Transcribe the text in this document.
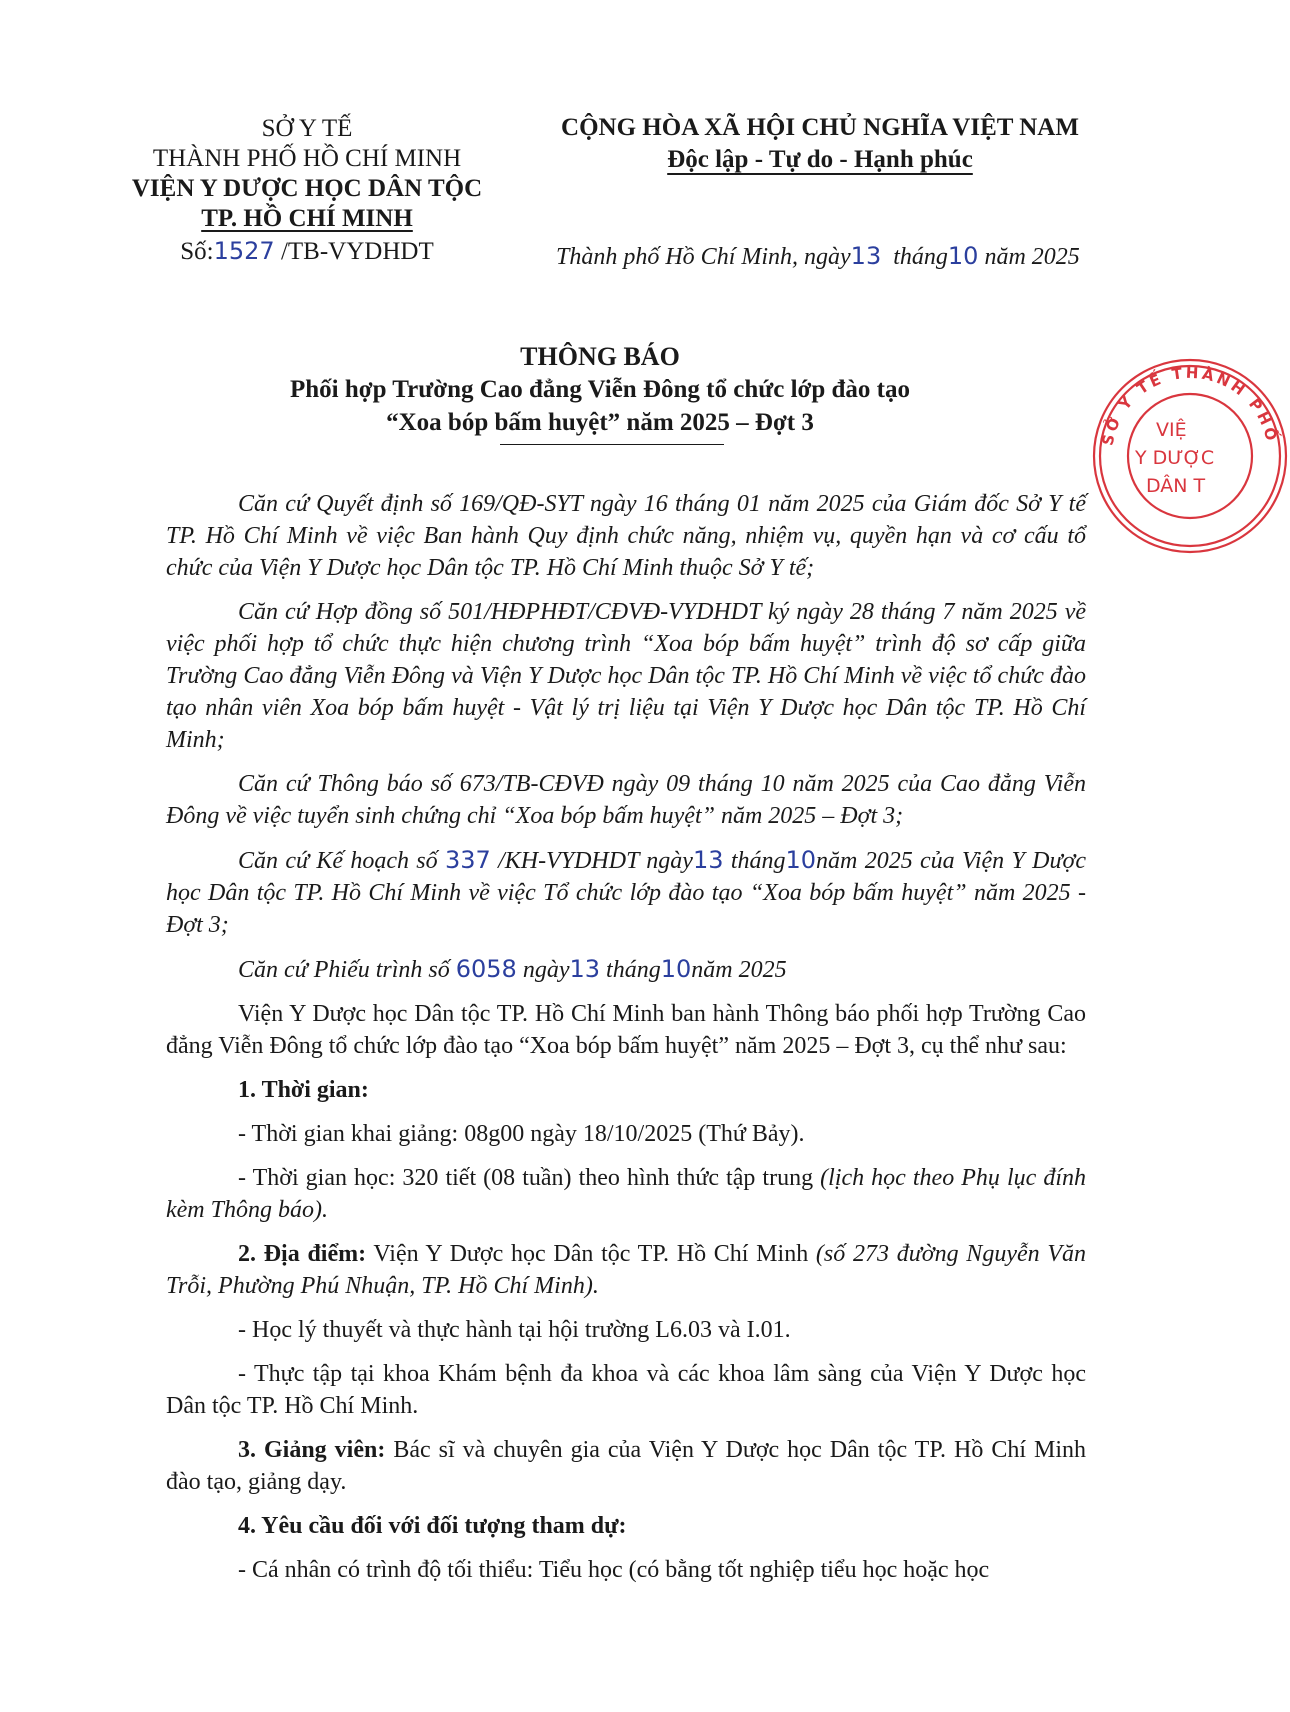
SỞ Y TẾ
THÀNH PHỐ HỒ CHÍ MINH
VIỆN Y DƯỢC HỌC DÂN TỘC
TP. HỒ CHÍ MINH
Số:1527 /TB-VYDHDT
CỘNG HÒA XÃ HỘI CHỦ NGHĨA VIỆT NAM
Độc lập - Tự do - Hạnh phúc
Thành phố Hồ Chí Minh, ngày13 tháng10 năm 2025
THÔNG BÁO
Phối hợp Trường Cao đẳng Viễn Đông tổ chức lớp đào tạo
“Xoa bóp bấm huyệt” năm 2025 – Đợt 3
SỞ Y TẾ THÀNH PHỐ
VIỆ
Y DƯỢC
DÂN T

Căn cứ Quyết định số 169/QĐ-SYT ngày 16 tháng 01 năm 2025 của Giám đốc Sở Y tế TP. Hồ Chí Minh về việc Ban hành Quy định chức năng, nhiệm vụ, quyền hạn và cơ cấu tổ chức của Viện Y Dược học Dân tộc TP. Hồ Chí Minh thuộc Sở Y tế;

Căn cứ Hợp đồng số 501/HĐPHĐT/CĐVĐ-VYDHDT ký ngày 28 tháng 7 năm 2025 về việc phối hợp tổ chức thực hiện chương trình “Xoa bóp bấm huyệt” trình độ sơ cấp giữa Trường Cao đẳng Viễn Đông và Viện Y Dược học Dân tộc TP. Hồ Chí Minh về việc tổ chức đào tạo nhân viên Xoa bóp bấm huyệt - Vật lý trị liệu tại Viện Y Dược học Dân tộc TP. Hồ Chí Minh;

Căn cứ Thông báo số 673/TB-CĐVĐ ngày 09 tháng 10 năm 2025 của Cao đẳng Viễn Đông về việc tuyển sinh chứng chỉ “Xoa bóp bấm huyệt” năm 2025 – Đợt 3;

Căn cứ Kế hoạch số 337 /KH-VYDHDT ngày13 tháng10năm 2025 của Viện Y Dược học Dân tộc TP. Hồ Chí Minh về việc Tổ chức lớp đào tạo “Xoa bóp bấm huyệt” năm 2025 - Đợt 3;

Căn cứ Phiếu trình số 6058 ngày13 tháng10năm 2025

Viện Y Dược học Dân tộc TP. Hồ Chí Minh ban hành Thông báo phối hợp Trường Cao đẳng Viễn Đông tổ chức lớp đào tạo “Xoa bóp bấm huyệt” năm 2025 – Đợt 3, cụ thể như sau:

1. Thời gian:

- Thời gian khai giảng: 08g00 ngày 18/10/2025 (Thứ Bảy).

- Thời gian học: 320 tiết (08 tuần) theo hình thức tập trung (lịch học theo Phụ lục đính kèm Thông báo).

2. Địa điểm: Viện Y Dược học Dân tộc TP. Hồ Chí Minh (số 273 đường Nguyễn Văn Trỗi, Phường Phú Nhuận, TP. Hồ Chí Minh).

- Học lý thuyết và thực hành tại hội trường L6.03 và I.01.

- Thực tập tại khoa Khám bệnh đa khoa và các khoa lâm sàng của Viện Y Dược học Dân tộc TP. Hồ Chí Minh.

3. Giảng viên: Bác sĩ và chuyên gia của Viện Y Dược học Dân tộc TP. Hồ Chí Minh đào tạo, giảng dạy.

4. Yêu cầu đối với đối tượng tham dự:

- Cá nhân có trình độ tối thiểu: Tiểu học (có bằng tốt nghiệp tiểu học hoặc học
